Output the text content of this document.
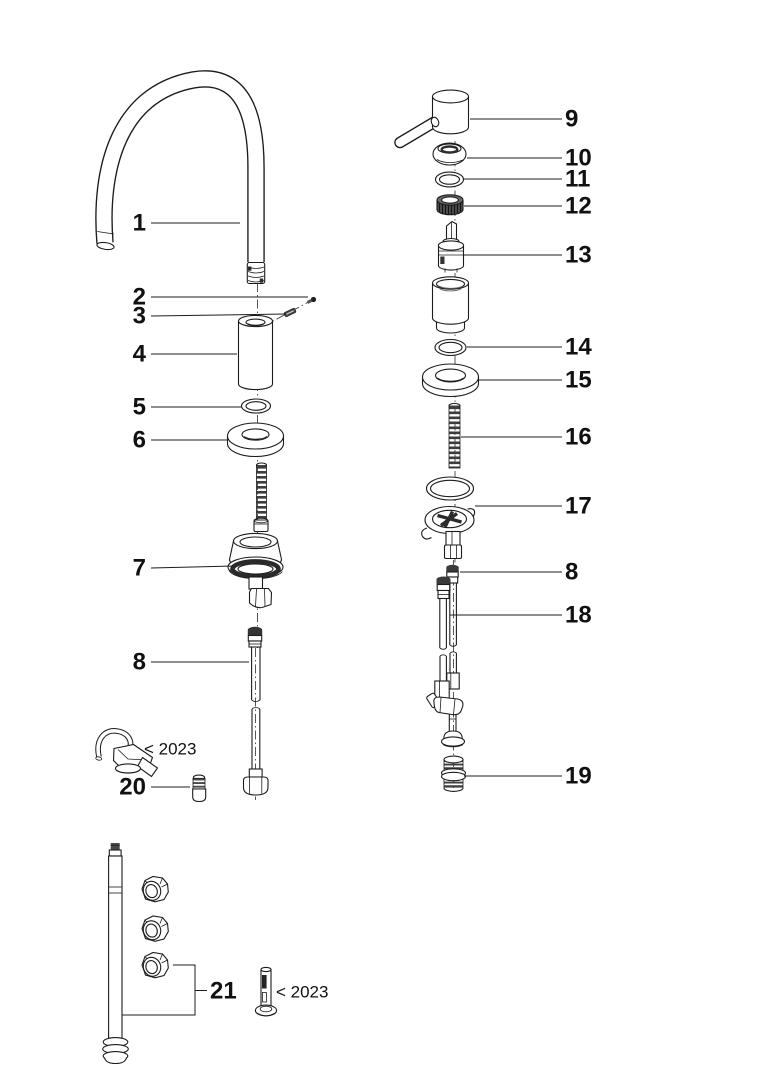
1
2
3
4
5
6
7
8
20
21
9
10
11
12
13
14
15
16
17
8
18
19
< 2023
< 2023
